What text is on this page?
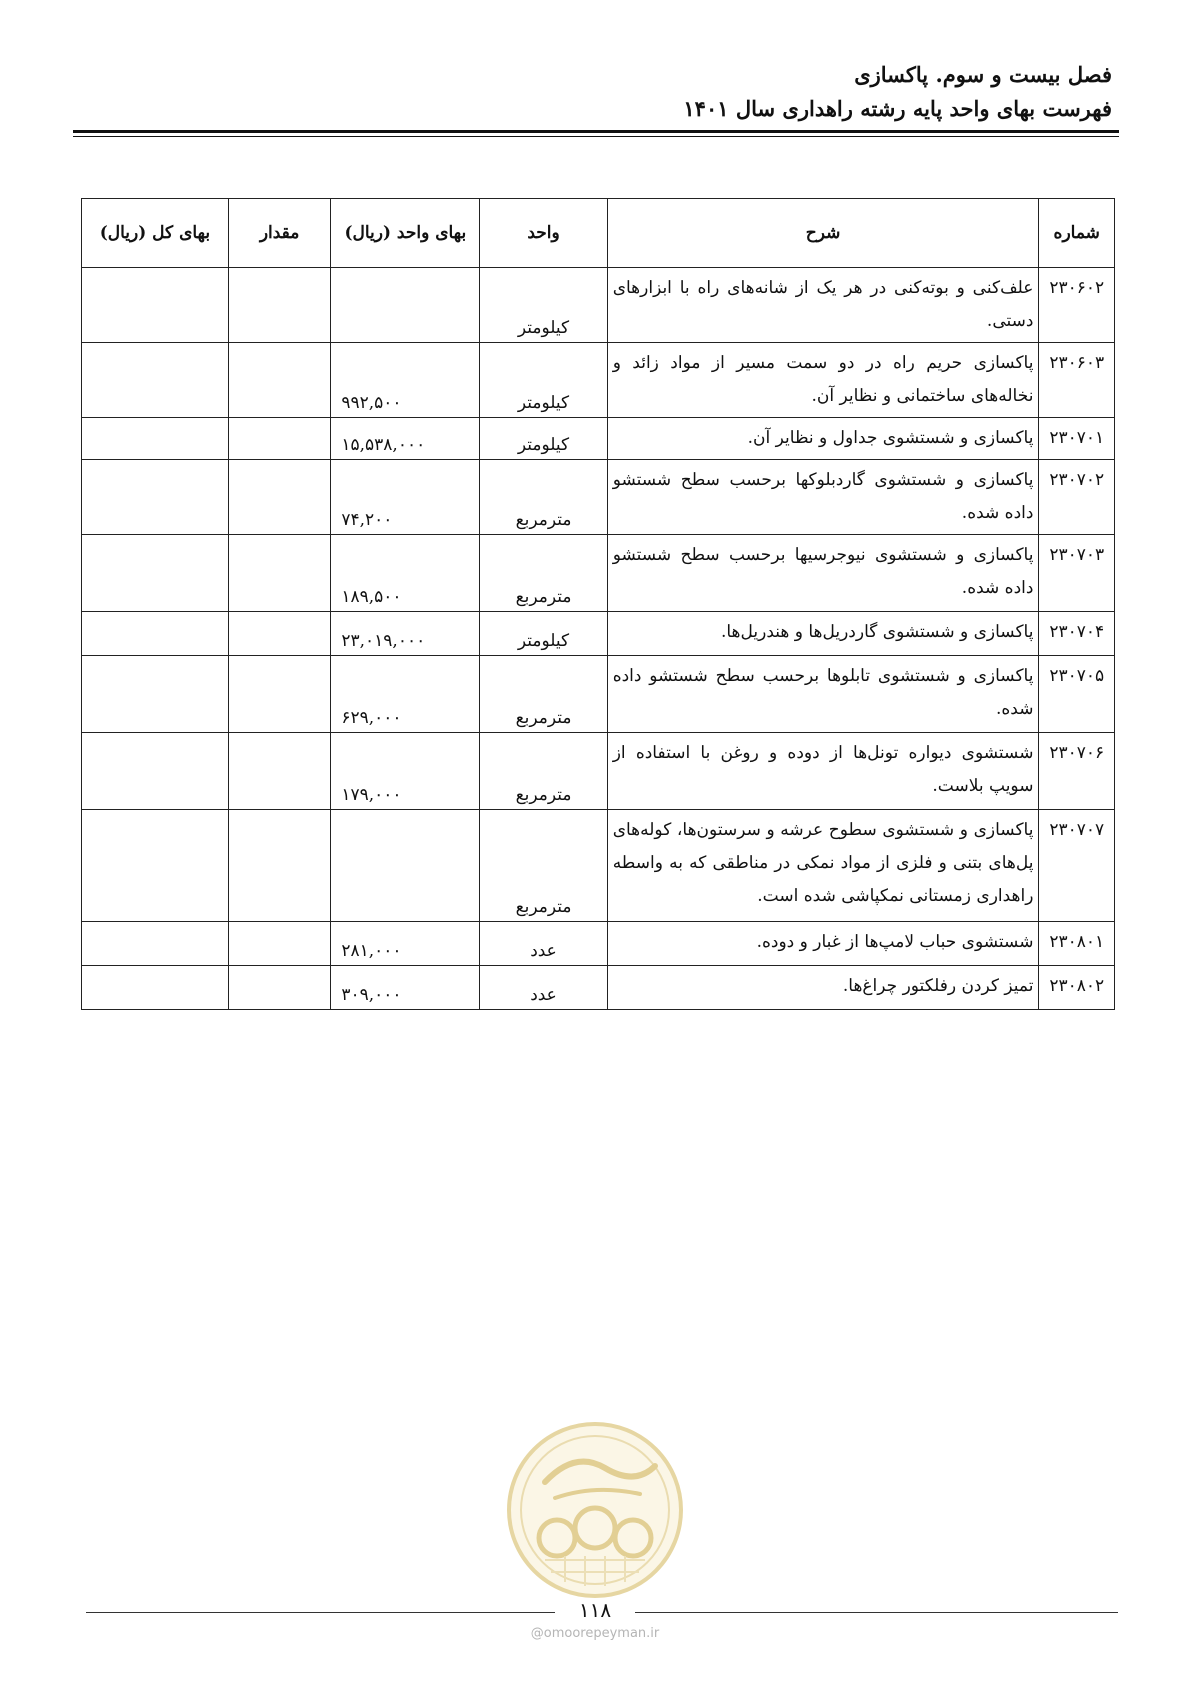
فصل بیست و سوم. پاکسازی
فهرست بهای واحد پایه رشته راهداری سال ۱۴۰۱
شماره	شرح	واحد	بهای واحد (ریال)	مقدار	بهای کل (ریال)
۲۳۰۶۰۲	علف‌کنی و بوته‌کنی در هر یک از شانه‌های راه با ابزارهای دستی.	کیلومتر			
۲۳۰۶۰۳	پاکسازی حریم راه در دو سمت مسیر از مواد زائد و نخاله‌های ساختمانی و نظایر آن.	کیلومتر	۹۹۲,۵۰۰		
۲۳۰۷۰۱	پاکسازی و شستشوی جداول و نظایر آن.	کیلومتر	۱۵,۵۳۸,۰۰۰		
۲۳۰۷۰۲	پاکسازی و شستشوی گاردبلوکها برحسب سطح شستشو داده شده.	مترمربع	۷۴,۲۰۰		
۲۳۰۷۰۳	پاکسازی و شستشوی نیوجرسیها برحسب سطح شستشو داده شده.	مترمربع	۱۸۹,۵۰۰		
۲۳۰۷۰۴	پاکسازی و شستشوی گاردریل‌ها و هندریل‌ها.	کیلومتر	۲۳,۰۱۹,۰۰۰		
۲۳۰۷۰۵	پاکسازی و شستشوی تابلوها برحسب سطح شستشو داده شده.	مترمربع	۶۲۹,۰۰۰		
۲۳۰۷۰۶	شستشوی دیواره تونل‌ها از دوده و روغن با استفاده از سویپ بلاست.	مترمربع	۱۷۹,۰۰۰		
۲۳۰۷۰۷	پاکسازی و شستشوی سطوح عرشه و سرستون‌ها، کوله‌های پل‌های بتنی و فلزی از مواد نمکی در مناطقی که به واسطه راهداری زمستانی نمکپاشی شده است.	مترمربع			
۲۳۰۸۰۱	شستشوی حباب لامپ‌ها از غبار و دوده.	عدد	۲۸۱,۰۰۰		
۲۳۰۸۰۲	تمیز کردن رفلکتور چراغ‌ها.	عدد	۳۰۹,۰۰۰		
۱۱۸
@omoorepeyman.ir
